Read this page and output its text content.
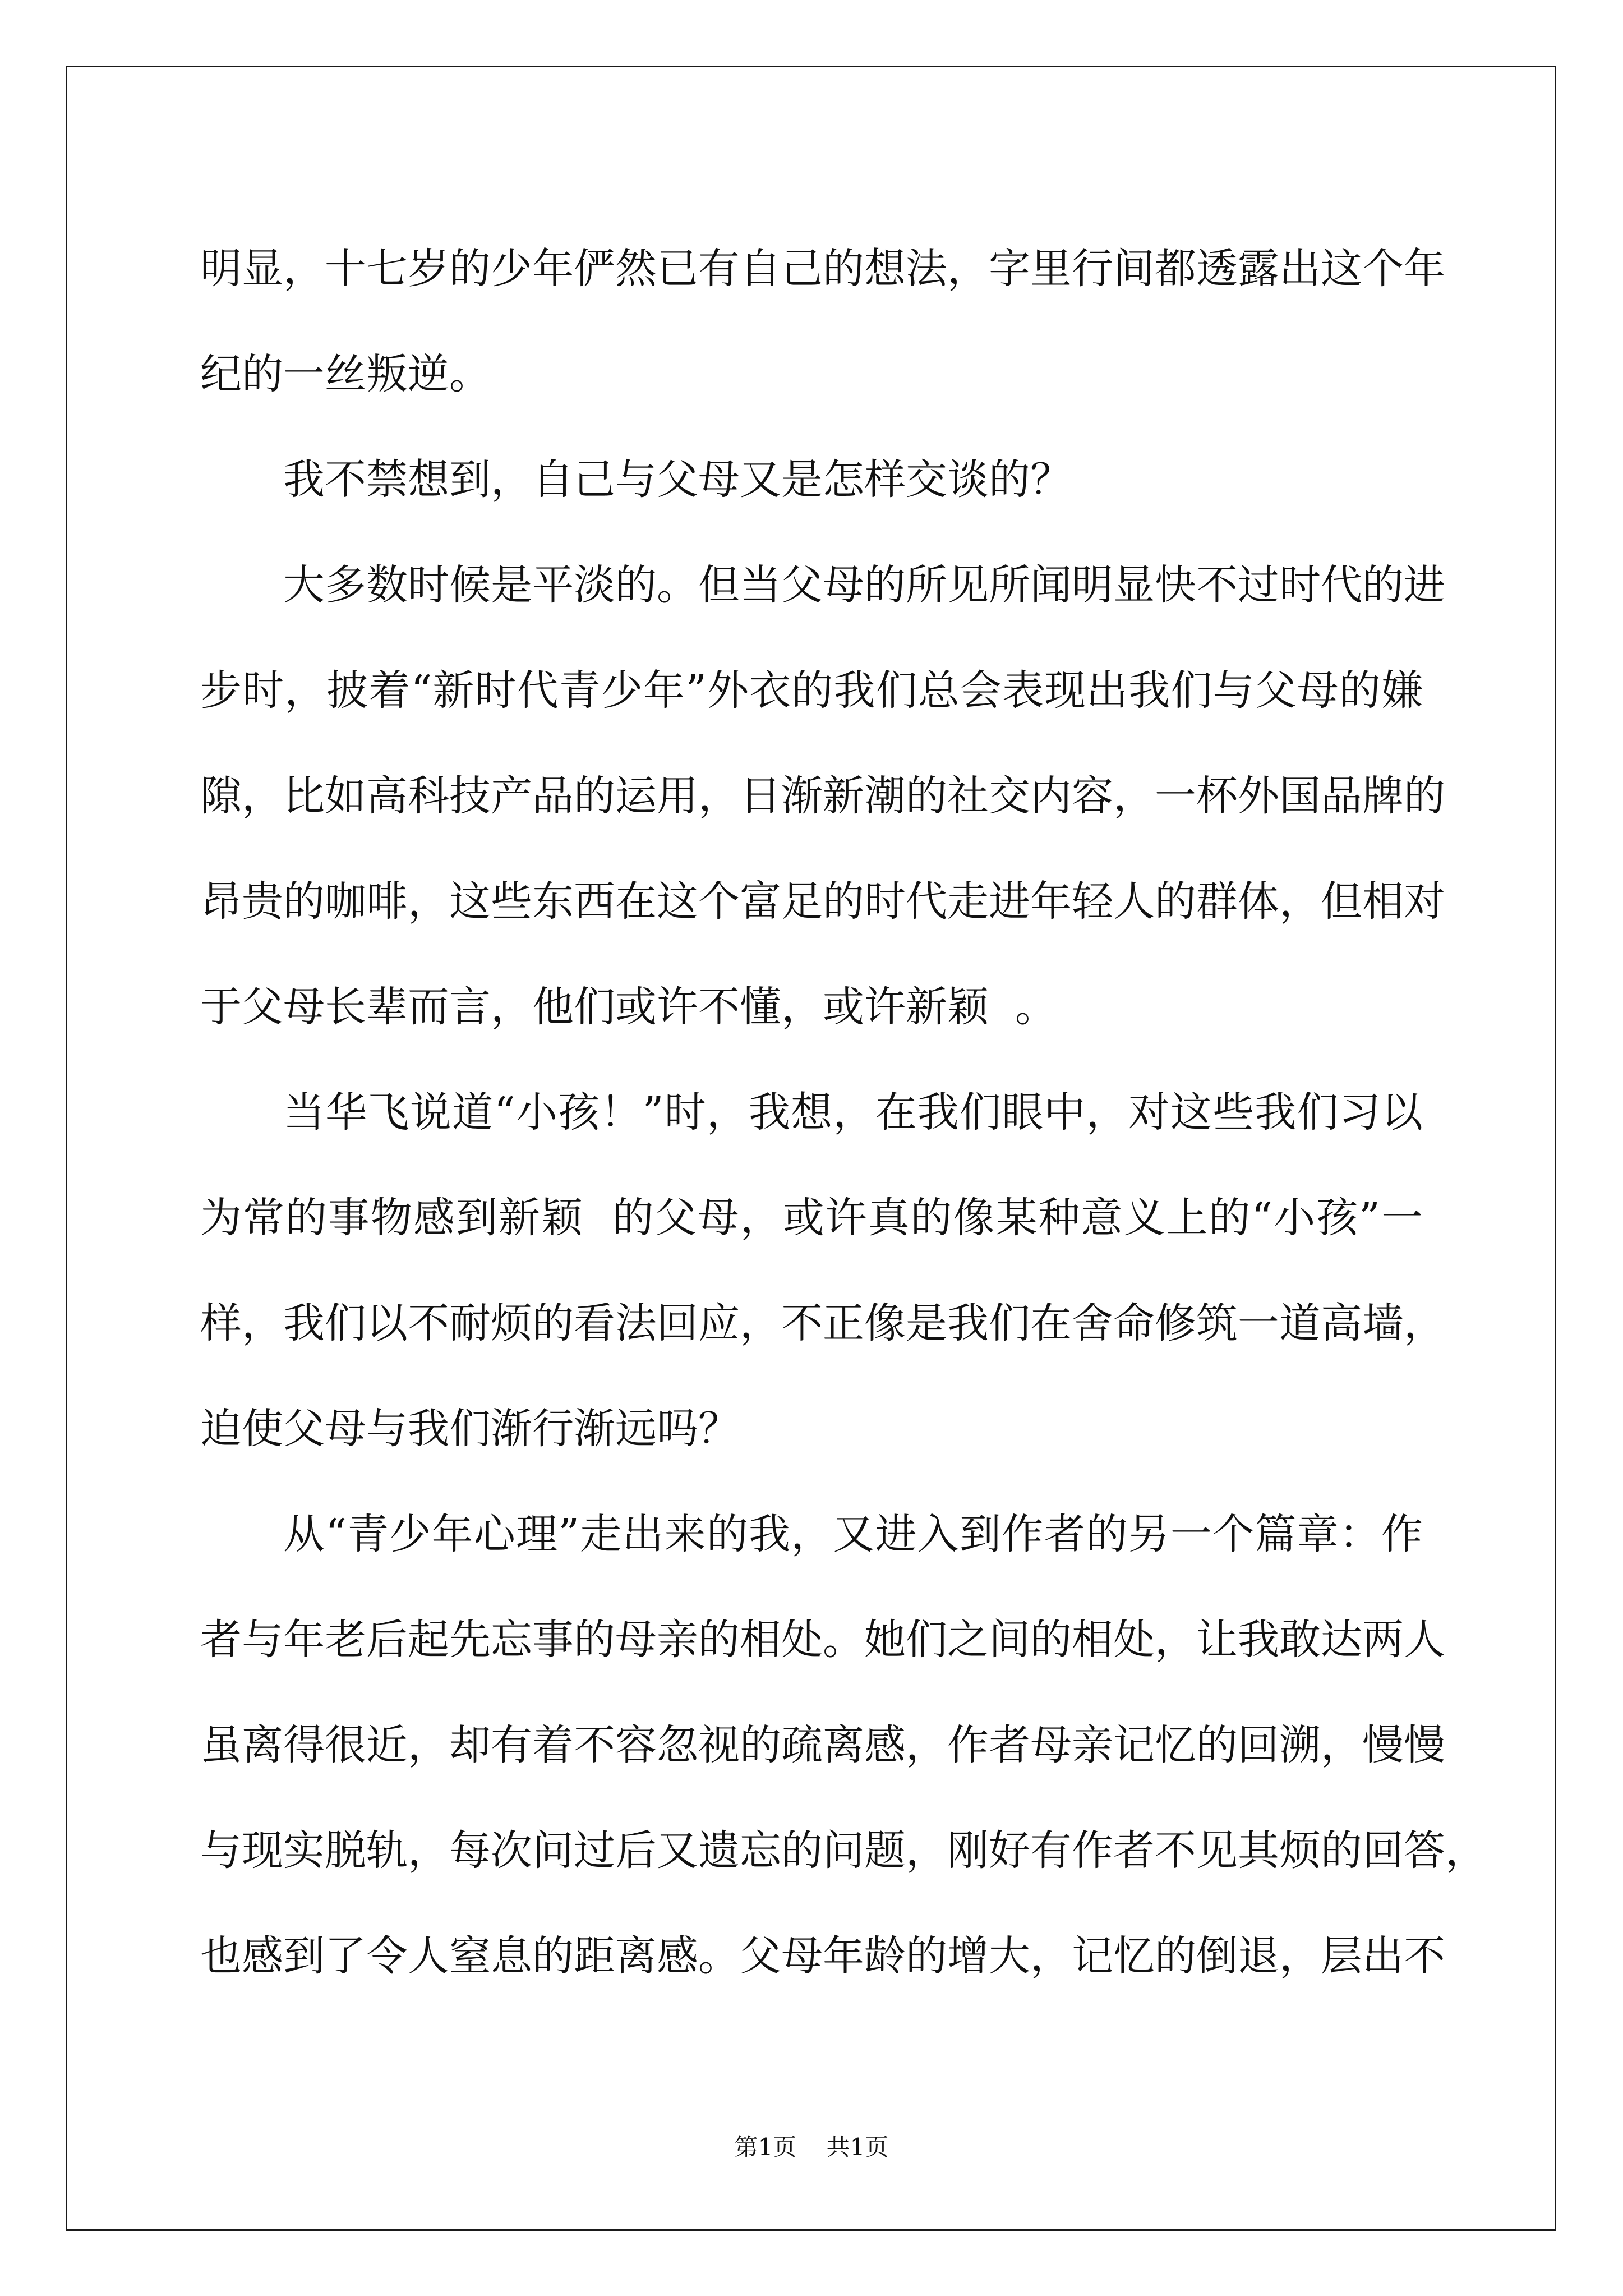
明显，十七岁的少年俨然已有自己的想法，字里行间都透露出这个年
纪的一丝叛逆。
我不禁想到，自己与父母又是怎样交谈的？
大多数时候是平淡的。但当父母的所见所闻明显快不过时代的进
步时，披着“新时代青少年”外衣的我们总会表现出我们与父母的嫌
隙，比如高科技产品的运用，日渐新潮的社交内容，一杯外国品牌的
昂贵的咖啡，这些东西在这个富足的时代走进年轻人的群体，但相对
于父母长辈而言，他们或许不懂，或许新颖  。
当华飞说道“小孩！”时，我想，在我们眼中，对这些我们习以
为常的事物感到新颖  的父母，或许真的像某种意义上的“小孩”一
样，我们以不耐烦的看法回应，不正像是我们在舍命修筑一道高墙，
迫使父母与我们渐行渐远吗？
从“青少年心理”走出来的我，又进入到作者的另一个篇章：作
者与年老后起先忘事的母亲的相处。她们之间的相处，让我敢达两人
虽离得很近，却有着不容忽视的疏离感，作者母亲记忆的回溯，慢慢
与现实脱轨，每次问过后又遗忘的问题，刚好有作者不见其烦的回答，
也感到了令人窒息的距离感。父母年龄的增大，记忆的倒退，层出不
第1页    共1页
